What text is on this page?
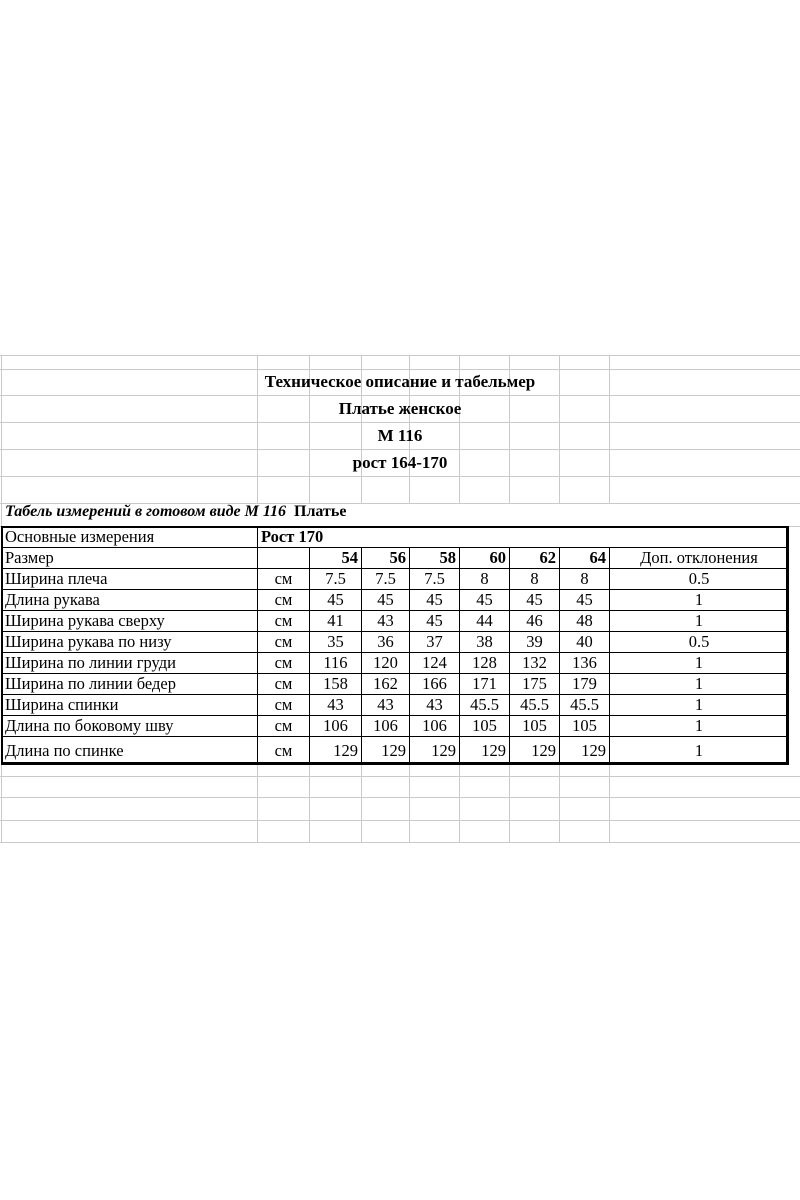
Техническое описание и табельмер
Платье женское
М 116
рост 164-170
Табель измерений в готовом виде М 116 Платье
Основные измерения	Рост 170							
Размер		54	56	58	60	62	64	Доп. отклонения
Ширина плеча	см	7.5	7.5	7.5	8	8	8	0.5
Длина рукава	см	45	45	45	45	45	45	1
Ширина рукава сверху	см	41	43	45	44	46	48	1
Ширина рукава по низу	см	35	36	37	38	39	40	0.5
Ширина по линии груди	см	116	120	124	128	132	136	1
Ширина по линии бедер	см	158	162	166	171	175	179	1
Ширина спинки	см	43	43	43	45.5	45.5	45.5	1
Длина по боковому шву	см	106	106	106	105	105	105	1
Длина по спинке	см	129	129	129	129	129	129	1
